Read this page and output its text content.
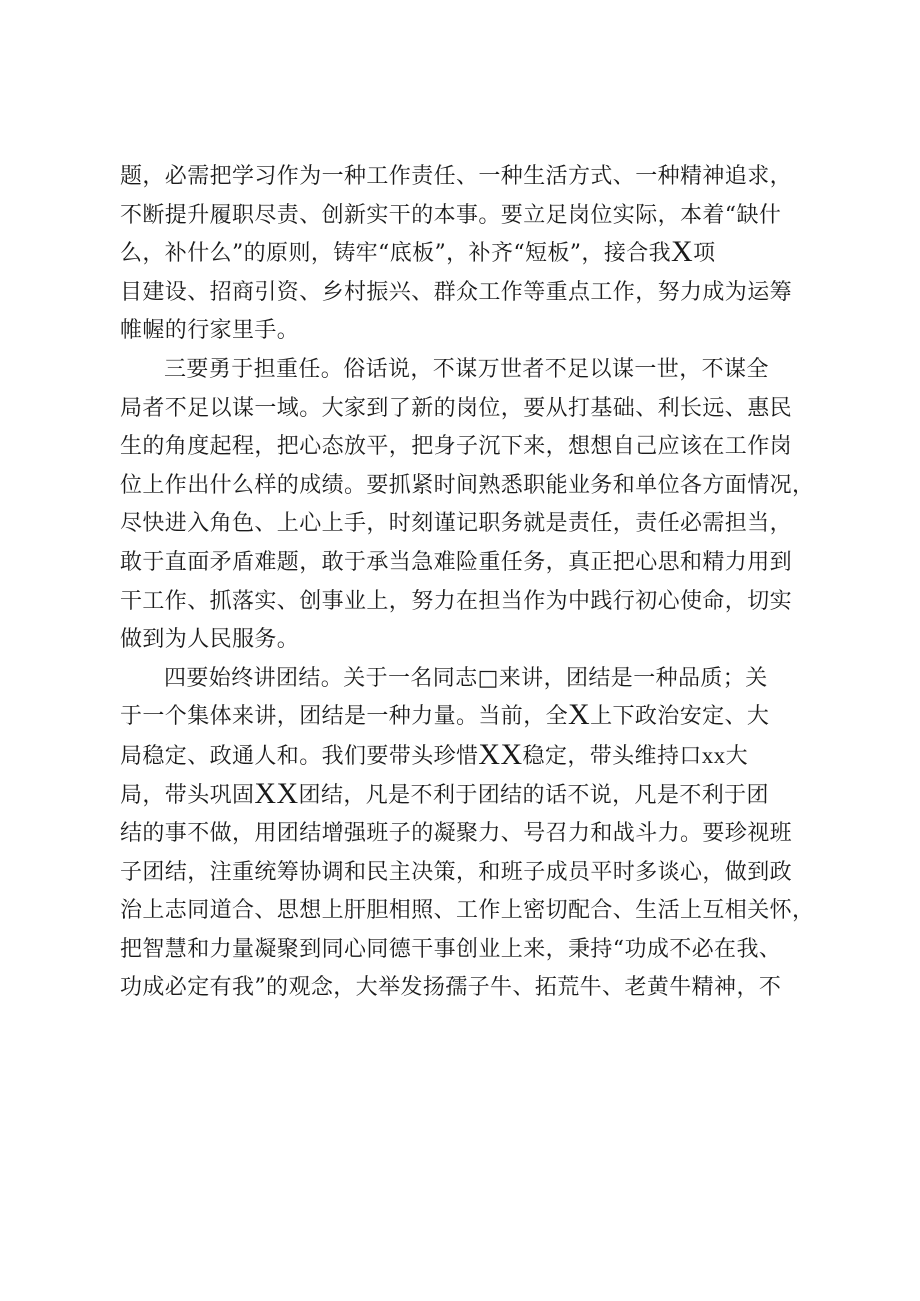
题，必需把学习作为一种工作责任、一种生活方式、一种精神追求，
不断提升履职尽责、创新实干的本事。要立足岗位实际，本着“缺什
么，补什么”的原则，铸牢“底板”，补齐“短板”，接合我X项
目建设、招商引资、乡村振兴、群众工作等重点工作，努力成为运筹
帷幄的行家里手。
三要勇于担重任。俗话说，不谋万世者不足以谋一世，不谋全
局者不足以谋一域。大家到了新的岗位，要从打基础、利长远、惠民
生的角度起程，把心态放平，把身子沉下来，想想自己应该在工作岗
位上作出什么样的成绩。要抓紧时间熟悉职能业务和单位各方面情况，
尽快进入角色、上心上手，时刻谨记职务就是责任，责任必需担当，
敢于直面矛盾难题，敢于承当急难险重任务，真正把心思和精力用到
干工作、抓落实、创事业上，努力在担当作为中践行初心使命，切实
做到为人民服务。
四要始终讲团结。关于一名同志□来讲，团结是一种品质；关
于一个集体来讲，团结是一种力量。当前，全X上下政治安定、大
局稳定、政通人和。我们要带头珍惜XX稳定，带头维持口xx大
局，带头巩固XX团结，凡是不利于团结的话不说，凡是不利于团
结的事不做，用团结增强班子的凝聚力、号召力和战斗力。要珍视班
子团结，注重统筹协调和民主决策，和班子成员平时多谈心，做到政
治上志同道合、思想上肝胆相照、工作上密切配合、生活上互相关怀，
把智慧和力量凝聚到同心同德干事创业上来，秉持“功成不必在我、
功成必定有我”的观念，大举发扬孺子牛、拓荒牛、老黄牛精神，不
